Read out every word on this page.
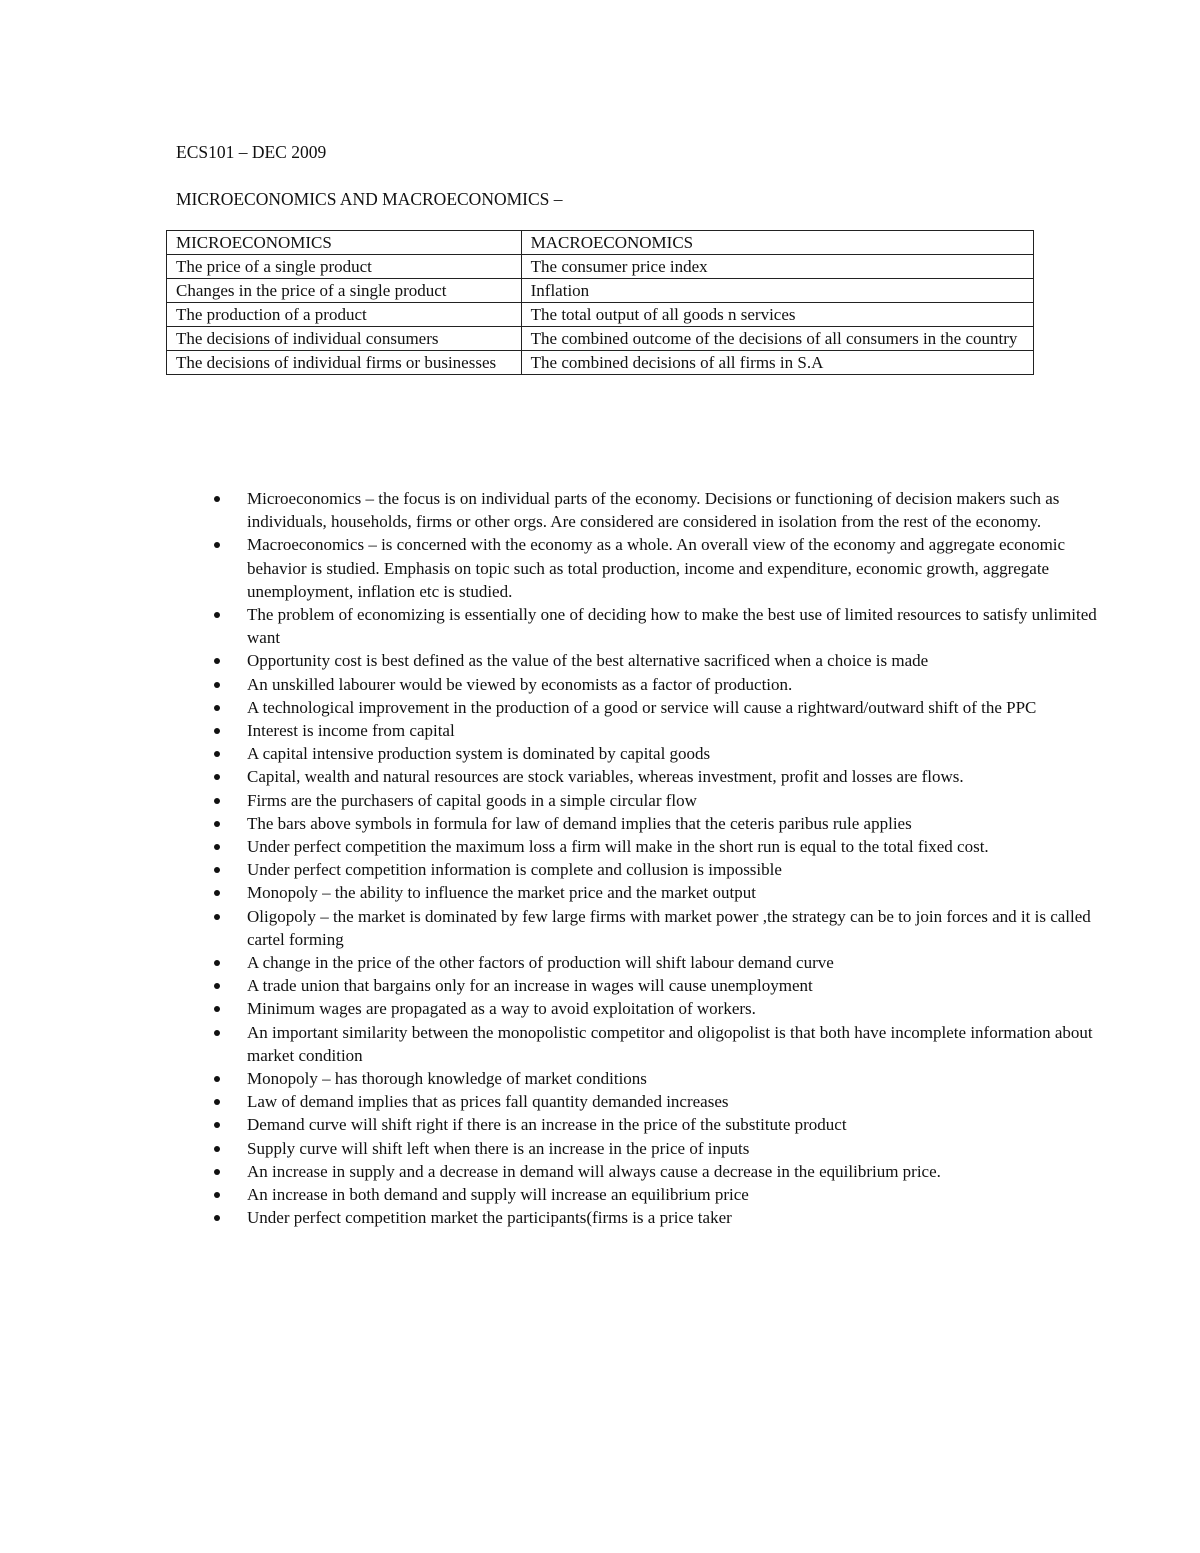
ECS101 – DEC 2009
MICROECONOMICS AND MACROECONOMICS –
MICROECONOMICS	MACROECONOMICS
The price of a single product	The consumer price index
Changes in the price of a single product	Inflation
The production of a product	The total output of all goods n services
The decisions of individual consumers	The combined outcome of the decisions of all consumers in the country
The decisions of individual firms or businesses	The combined decisions of all firms in S.A
Microeconomics – the focus is on individual parts of the economy. Decisions or functioning of decision makers such as individuals, households, firms or other orgs. Are considered are considered in isolation from the rest of the economy.
Macroeconomics – is concerned with the economy as a whole. An overall view of the economy and aggregate economic behavior is studied. Emphasis on topic such as total production, income and expenditure, economic growth, aggregate unemployment, inflation etc is studied.
The problem of economizing is essentially one of deciding how to make the best use of limited resources to satisfy unlimited want
Opportunity cost is best defined as the value of the best alternative sacrificed when a choice is made
An unskilled labourer would be viewed by economists as a factor of production.
A technological improvement in the production of a good or service will cause a rightward/outward shift of the PPC
Interest is income from capital
A capital intensive production system is dominated by capital goods
Capital, wealth and natural resources are stock variables, whereas investment, profit and losses are flows.
Firms are the purchasers of capital goods in a simple circular flow
The bars above symbols in formula for law of demand implies that the ceteris paribus rule applies
Under perfect competition the maximum loss a firm will make in the short run is equal to the total fixed cost.
Under perfect competition information is complete and collusion is impossible
Monopoly – the ability to influence the market price and the market output
Oligopoly – the market is dominated by few large firms with market power ,the strategy can be to join forces and it is called cartel forming
A change in the price of the other factors of production will shift labour demand curve
A trade union that bargains only for an increase in wages will cause unemployment
Minimum wages are propagated as a way to avoid exploitation of workers.
An important similarity between the monopolistic competitor and oligopolist is that both have incomplete information about market condition
Monopoly – has thorough knowledge of market conditions
Law of demand implies that as prices fall quantity demanded increases
Demand curve will shift right if there is an increase in the price of the substitute product
Supply curve will shift left when there is an increase in the price of inputs
An increase in supply and a decrease in demand will always cause a decrease in the equilibrium price.
An increase in both demand and supply will increase an equilibrium price
Under perfect competition market the participants(firms is a price taker
